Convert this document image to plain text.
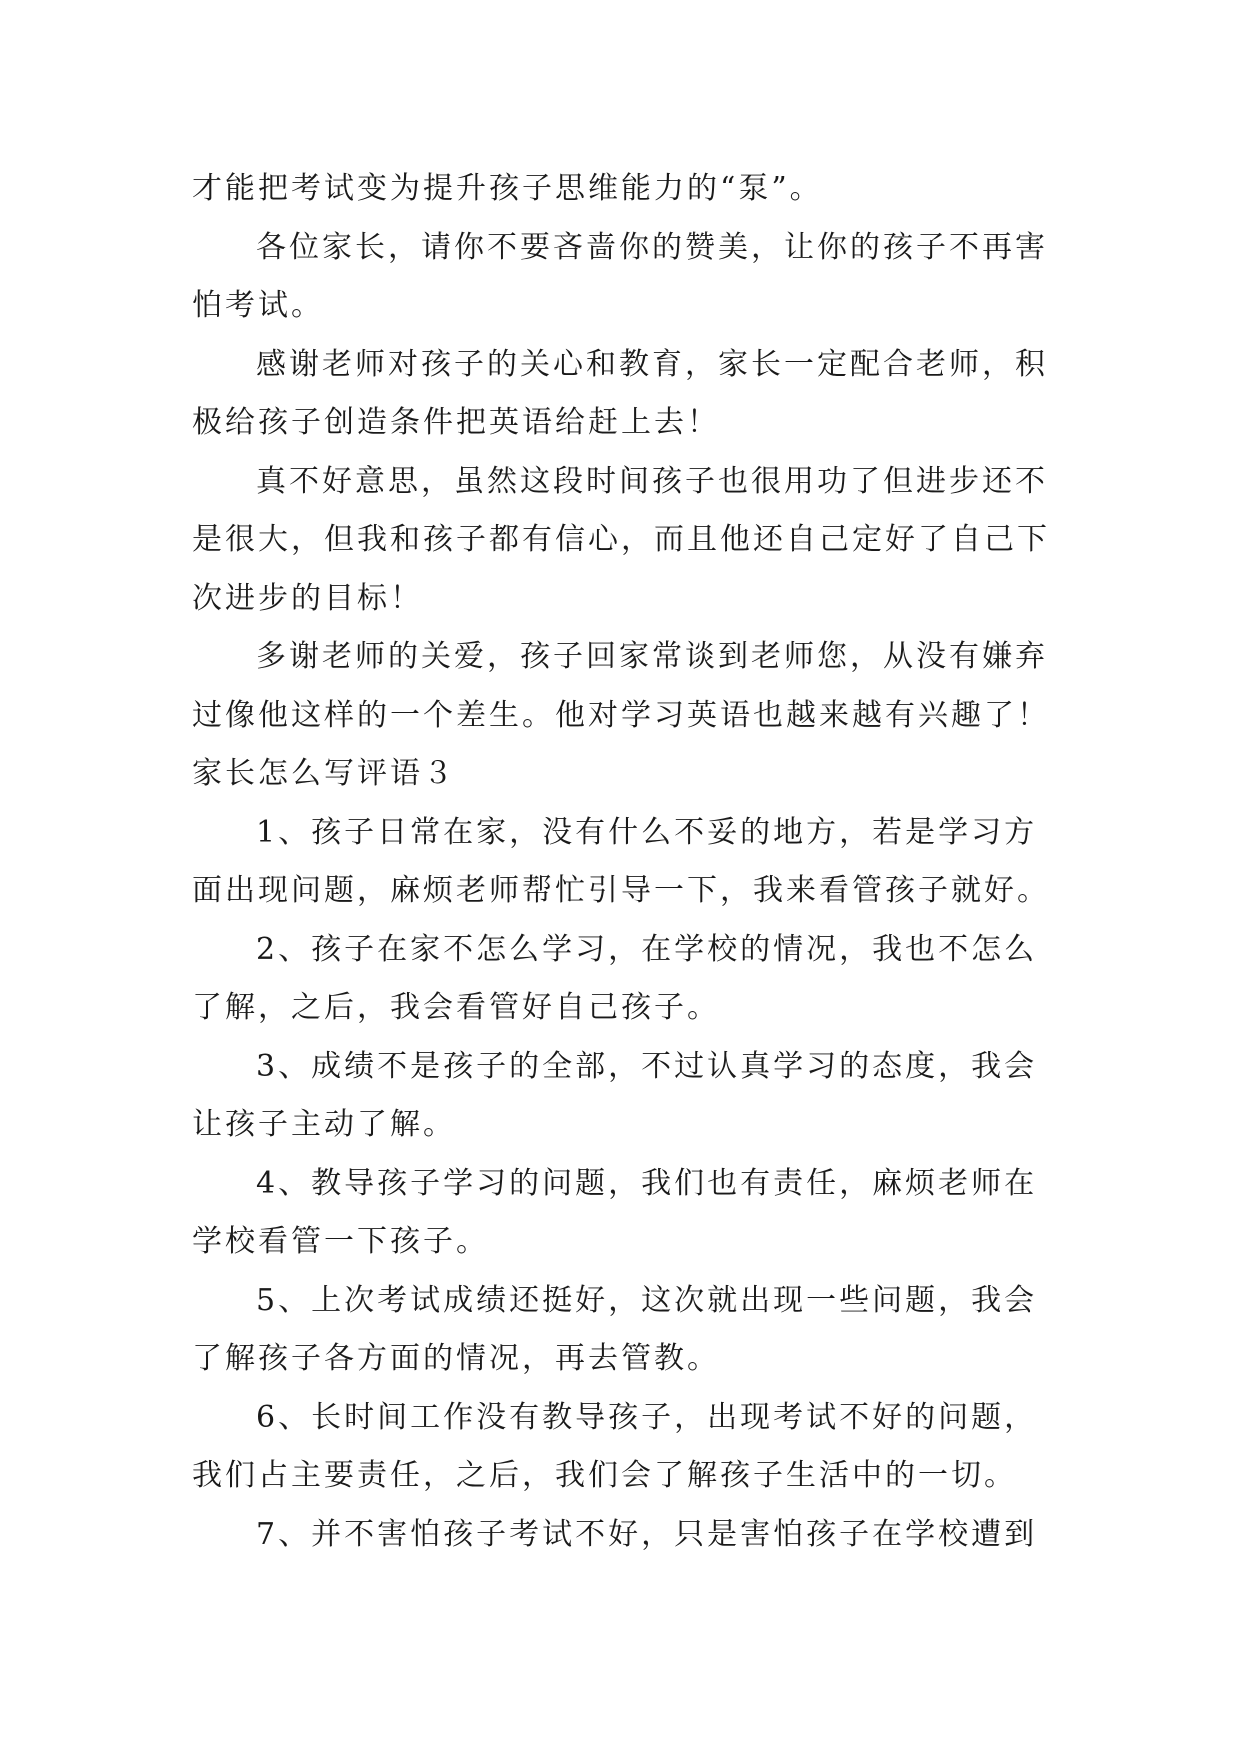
才能把考试变为提升孩子思维能力的“泵”。
各位家长，请你不要吝啬你的赞美，让你的孩子不再害
怕考试。
感谢老师对孩子的关心和教育，家长一定配合老师，积
极给孩子创造条件把英语给赶上去！
真不好意思，虽然这段时间孩子也很用功了但进步还不
是很大，但我和孩子都有信心，而且他还自己定好了自己下
次进步的目标！
多谢老师的关爱，孩子回家常谈到老师您，从没有嫌弃
过像他这样的一个差生。他对学习英语也越来越有兴趣了！
家长怎么写评语３
1、孩子日常在家，没有什么不妥的地方，若是学习方
面出现问题，麻烦老师帮忙引导一下，我来看管孩子就好。
2、孩子在家不怎么学习，在学校的情况，我也不怎么
了解，之后，我会看管好自己孩子。
3、成绩不是孩子的全部，不过认真学习的态度，我会
让孩子主动了解。
4、教导孩子学习的问题，我们也有责任，麻烦老师在
学校看管一下孩子。
5、上次考试成绩还挺好，这次就出现一些问题，我会
了解孩子各方面的情况，再去管教。
6、长时间工作没有教导孩子，出现考试不好的问题，
我们占主要责任，之后，我们会了解孩子生活中的一切。
7、并不害怕孩子考试不好，只是害怕孩子在学校遭到
